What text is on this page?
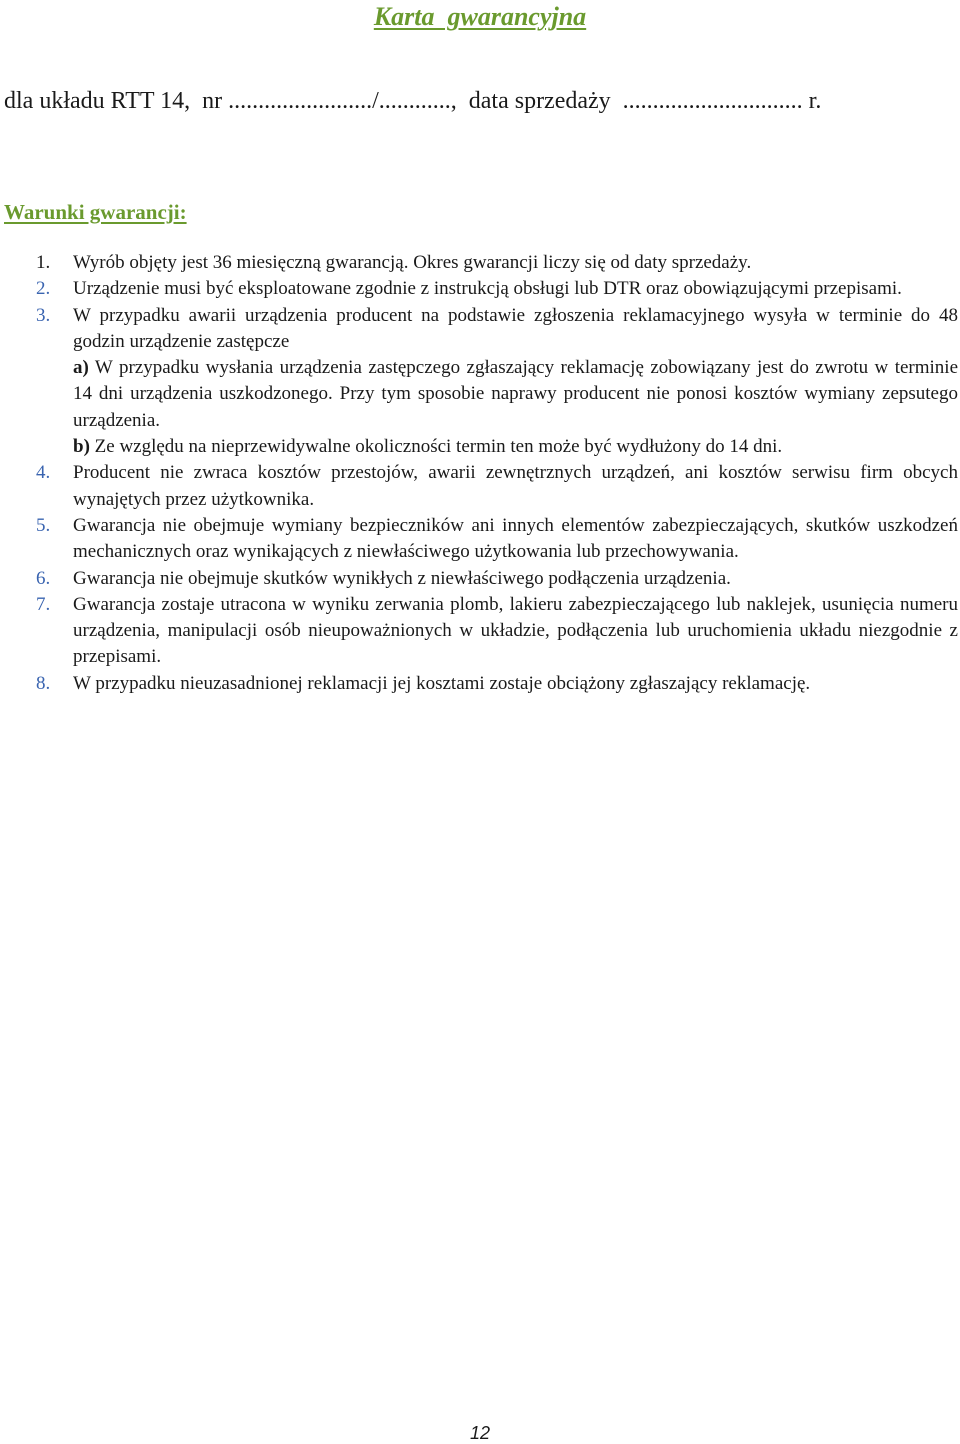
Karta  gwarancyjna
dla układu RTT 14,  nr ......................../............,  data sprzedaży  .............................. r.
Warunki gwarancji:
1. Wyrób objęty jest 36 miesięczną gwarancją. Okres gwarancji liczy się od daty sprzedaży.
2. Urządzenie musi być eksploatowane zgodnie z instrukcją obsługi lub DTR oraz obowiązującymi przepisami.
3. W przypadku awarii urządzenia producent na podstawie zgłoszenia reklamacyjnego wysyła w terminie do 48 godzin urządzenie zastępcze
a) W przypadku wysłania urządzenia zastępczego zgłaszający reklamację zobowiązany jest do zwrotu w terminie 14 dni urządzenia uszkodzonego. Przy tym sposobie naprawy producent nie ponosi kosztów wymiany zepsutego urządzenia.
b) Ze względu na nieprzewidywalne okoliczności termin ten może być wydłużony do 14 dni.
4. Producent nie zwraca kosztów przestojów, awarii zewnętrznych urządzeń, ani kosztów serwisu firm obcych wynajętych przez użytkownika.
5. Gwarancja nie obejmuje wymiany bezpieczników ani innych elementów zabezpieczających, skutków uszkodzeń mechanicznych oraz wynikających z niewłaściwego użytkowania lub przechowywania.
6. Gwarancja nie obejmuje skutków wynikłych z niewłaściwego podłączenia urządzenia.
7. Gwarancja zostaje utracona w wyniku zerwania plomb, lakieru zabezpieczającego lub naklejek, usunięcia numeru urządzenia, manipulacji osób nieupoważnionych w układzie, podłączenia lub uruchomienia układu niezgodnie z przepisami.
8. W przypadku nieuzasadnionej reklamacji jej kosztami zostaje obciążony zgłaszający reklamację.
12
